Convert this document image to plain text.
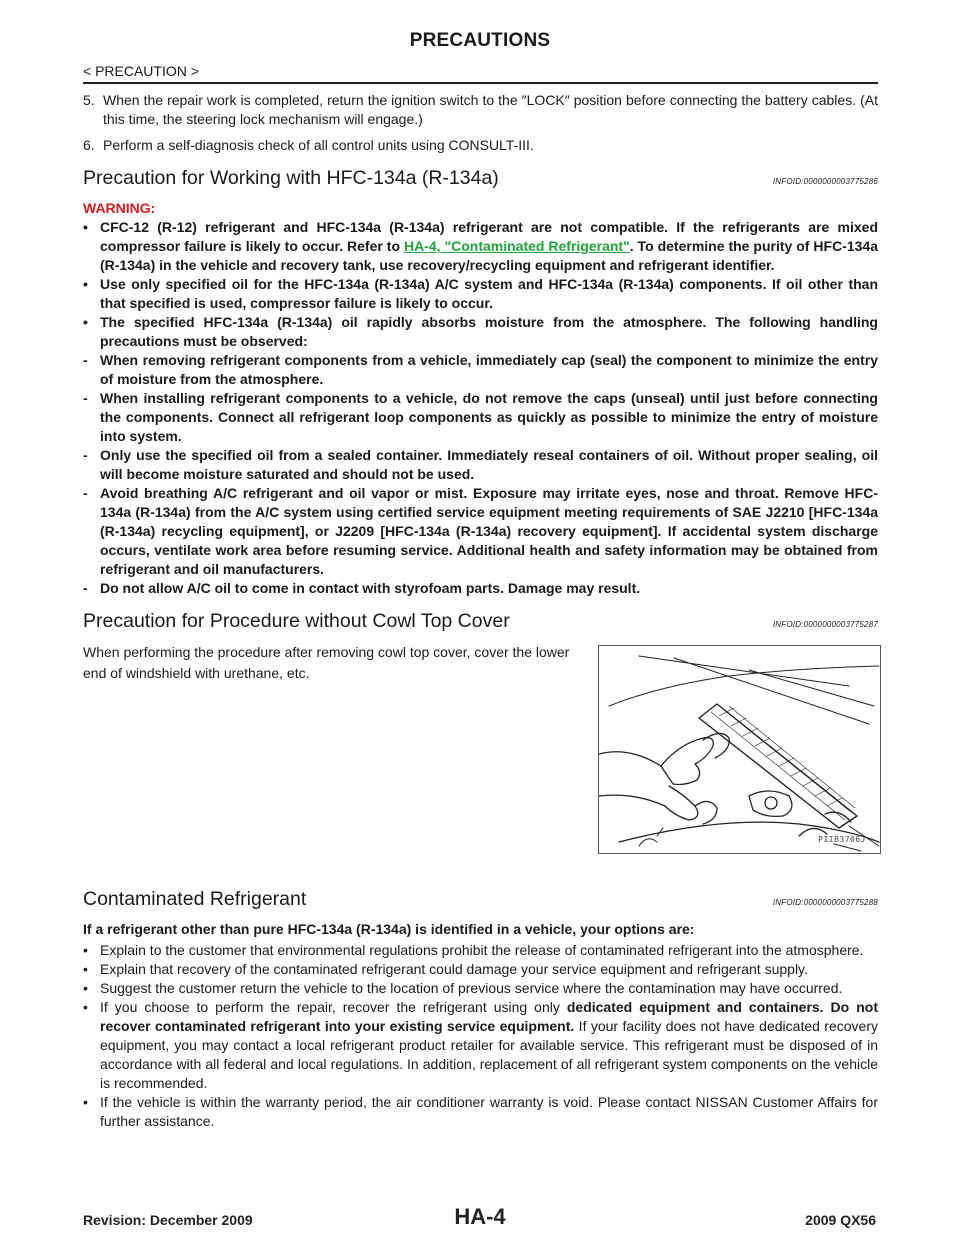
PRECAUTIONS
< PRECAUTION >
5. When the repair work is completed, return the ignition switch to the ″LOCK″ position before connecting the battery cables. (At this time, the steering lock mechanism will engage.)
6. Perform a self-diagnosis check of all control units using CONSULT-III.
Precaution for Working with HFC-134a (R-134a)	INFOID:0000000003775286
WARNING:
• CFC-12 (R-12) refrigerant and HFC-134a (R-134a) refrigerant are not compatible. If the refrigerants are mixed compressor failure is likely to occur. Refer to HA-4, "Contaminated Refrigerant". To determine the purity of HFC-134a (R-134a) in the vehicle and recovery tank, use recovery/recycling equipment and refrigerant identifier.
• Use only specified oil for the HFC-134a (R-134a) A/C system and HFC-134a (R-134a) components. If oil other than that specified is used, compressor failure is likely to occur.
• The specified HFC-134a (R-134a) oil rapidly absorbs moisture from the atmosphere. The following handling precautions must be observed:
- When removing refrigerant components from a vehicle, immediately cap (seal) the component to minimize the entry of moisture from the atmosphere.
- When installing refrigerant components to a vehicle, do not remove the caps (unseal) until just before connecting the components. Connect all refrigerant loop components as quickly as possible to minimize the entry of moisture into system.
- Only use the specified oil from a sealed container. Immediately reseal containers of oil. Without proper sealing, oil will become moisture saturated and should not be used.
- Avoid breathing A/C refrigerant and oil vapor or mist. Exposure may irritate eyes, nose and throat. Remove HFC-134a (R-134a) from the A/C system using certified service equipment meeting requirements of SAE J2210 [HFC-134a (R-134a) recycling equipment], or J2209 [HFC-134a (R-134a) recovery equipment]. If accidental system discharge occurs, ventilate work area before resuming service. Additional health and safety information may be obtained from refrigerant and oil manufacturers.
- Do not allow A/C oil to come in contact with styrofoam parts. Damage may result.
Precaution for Procedure without Cowl Top Cover	INFOID:0000000003775287
When performing the procedure after removing cowl top cover, cover the lower end of windshield with urethane, etc.
PIIB3706J
Contaminated Refrigerant	INFOID:0000000003775288
If a refrigerant other than pure HFC-134a (R-134a) is identified in a vehicle, your options are:
• Explain to the customer that environmental regulations prohibit the release of contaminated refrigerant into the atmosphere.
• Explain that recovery of the contaminated refrigerant could damage your service equipment and refrigerant supply.
• Suggest the customer return the vehicle to the location of previous service where the contamination may have occurred.
• If you choose to perform the repair, recover the refrigerant using only dedicated equipment and containers. Do not recover contaminated refrigerant into your existing service equipment. If your facility does not have dedicated recovery equipment, you may contact a local refrigerant product retailer for available service. This refrigerant must be disposed of in accordance with all federal and local regulations. In addition, replacement of all refrigerant system components on the vehicle is recommended.
• If the vehicle is within the warranty period, the air conditioner warranty is void. Please contact NISSAN Customer Affairs for further assistance.
HA-4
Revision: December 2009	2009 QX56
